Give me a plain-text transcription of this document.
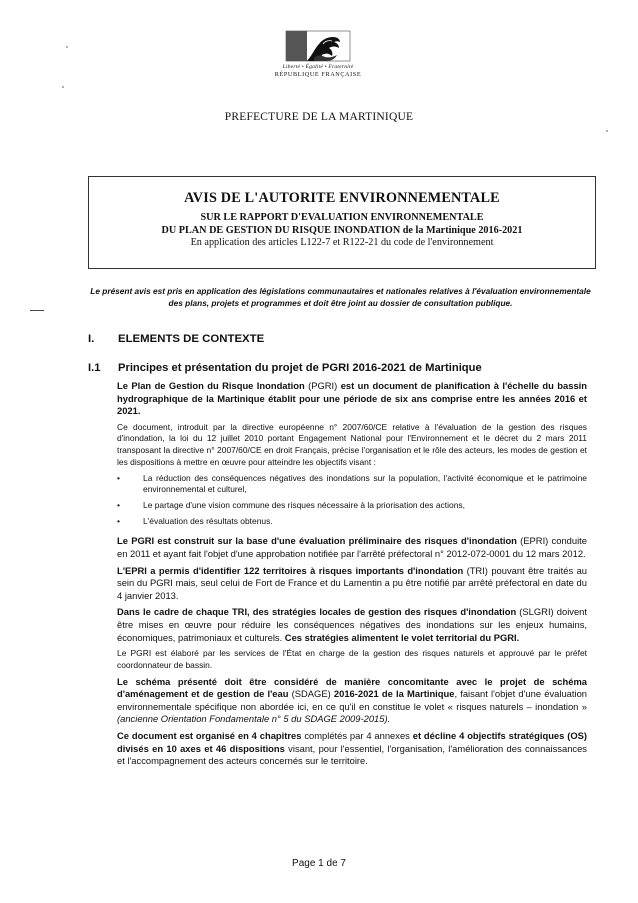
Liberté • Égalité • Fraternité
RÉPUBLIQUE FRANÇAISE
PREFECTURE DE LA MARTINIQUE
AVIS DE L'AUTORITE ENVIRONNEMENTALE
SUR LE RAPPORT D'EVALUATION ENVIRONNEMENTALE
DU PLAN DE GESTION DU RISQUE INONDATION de la Martinique 2016-2021
En application des articles L122-7 et R122-21 du code de l'environnement
Le présent avis est pris en application des législations communautaires et nationales relatives à l'évaluation environnementale des plans, projets et programmes et doit être joint au dossier de consultation publique.
I. ELEMENTS DE CONTEXTE
I.1 Principes et présentation du projet de PGRI 2016-2021 de Martinique

Le Plan de Gestion du Risque Inondation (PGRI) est un document de planification à l'échelle du bassin hydrographique de la Martinique établit pour une période de six ans comprise entre les années 2016 et 2021.

Ce document, introduit par la directive européenne n° 2007/60/CE relative à l'évaluation de la gestion des risques d'inondation, la loi du 12 juillet 2010 portant Engagement National pour l'Environnement et le décret du 2 mars 2011 transposant la directive n° 2007/60/CE en droit Français, précise l'organisation et le rôle des acteurs, les modes de gestion et les dispositions à mettre en œuvre pour atteindre les objectifs visant :

•	La réduction des conséquences négatives des inondations sur la population, l'activité économique et le patrimoine environnemental et culturel,
•	Le partage d'une vision commune des risques nécessaire à la priorisation des actions,
•	L'évaluation des résultats obtenus.

Le PGRI est construit sur la base d'une évaluation préliminaire des risques d'inondation (EPRI) conduite en 2011 et ayant fait l'objet d'une approbation notifiée par l'arrêté préfectoral n° 2012-072-0001 du 12 mars 2012.

L'EPRI a permis d'identifier 122 territoires à risques importants d'inondation (TRI) pouvant être traités au sein du PGRI mais, seul celui de Fort de France et du Lamentin a pu être notifié par arrêté préfectoral en date du 4 janvier 2013.

Dans le cadre de chaque TRI, des stratégies locales de gestion des risques d'inondation (SLGRI) doivent être mises en œuvre pour réduire les conséquences négatives des inondations sur les enjeux humains, économiques, patrimoniaux et culturels. Ces stratégies alimentent le volet territorial du PGRI.

Le PGRI est élaboré par les services de l'État en charge de la gestion des risques naturels et approuvé par le préfet coordonnateur de bassin.

Le schéma présenté doit être considéré de manière concomitante avec le projet de schéma d'aménagement et de gestion de l'eau (SDAGE) 2016-2021 de la Martinique, faisant l'objet d'une évaluation environnementale spécifique non abordée ici, en ce qu'il en constitue le volet « risques naturels – inondation » (ancienne Orientation Fondamentale n° 5 du SDAGE 2009-2015).

Ce document est organisé en 4 chapitres complétés par 4 annexes et décline 4 objectifs stratégiques (OS) divisés en 10 axes et 46 dispositions visant, pour l'essentiel, l'organisation, l'amélioration des connaissances et l'accompagnement des acteurs concernés sur le territoire.

Page 1 de 7
